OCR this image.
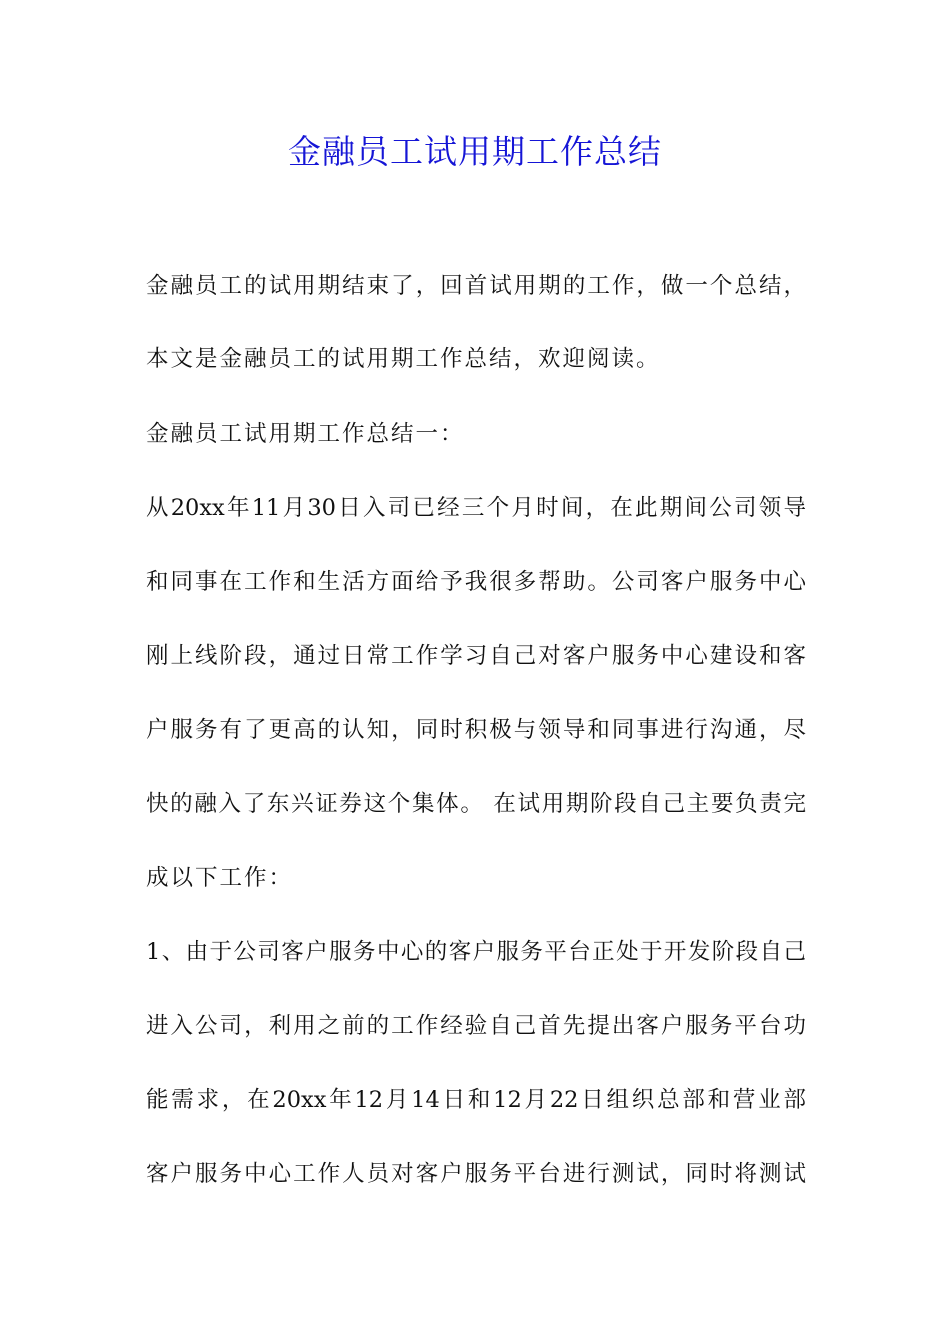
金融员工试用期工作总结

金融员工的试用期结束了，回首试用期的工作，做一个总结，

本文是金融员工的试用期工作总结，欢迎阅读。

金融员工试用期工作总结一：

从20xx年11月30日入司已经三个月时间，在此期间公司领导

和同事在工作和生活方面给予我很多帮助。公司客户服务中心

刚上线阶段，通过日常工作学习自己对客户服务中心建设和客

户服务有了更高的认知，同时积极与领导和同事进行沟通，尽

快的融入了东兴证券这个集体。 在试用期阶段自己主要负责完

成以下工作：

1、由于公司客户服务中心的客户服务平台正处于开发阶段自己

进入公司，利用之前的工作经验自己首先提出客户服务平台功

能需求，在20xx年12月14日和12月22日组织总部和营业部

客户服务中心工作人员对客户服务平台进行测试，同时将测试
